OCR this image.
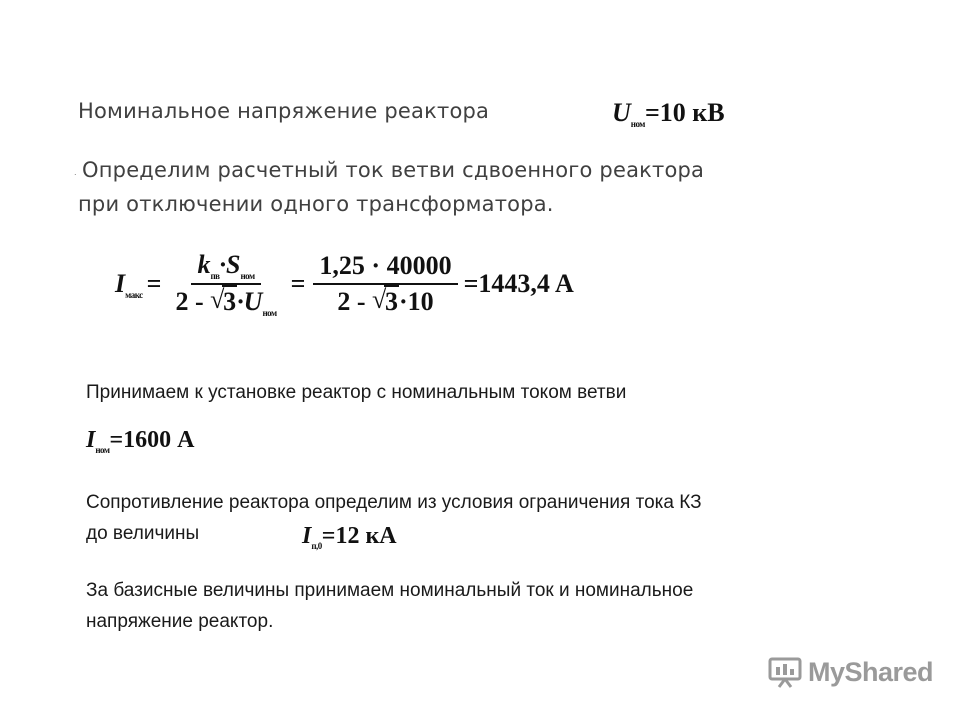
Номинальное напряжение реактора	$U_{ном}=10$ кВ
. Определим расчетный ток ветви сдвоенного реактора
при отключении одного трансформатора.
$I_{макс} = \frac{k_{пв}\cdot S_{ном}}{2 - √ 3\cdot U_{ном}} = \frac{1,25 \cdot 40000}{2 - √ 3\cdot 10} =1443,4$ A
Принимаем к установке реактор с номинальным током ветви
$I_{ном}=1600$ A
Сопротивление реактора определим из условия ограничения тока КЗ
до величины	$I_{п,0}=12$ кА
За базисные величины принимаем номинальный ток и номинальное
напряжение реактор.
MyShared
